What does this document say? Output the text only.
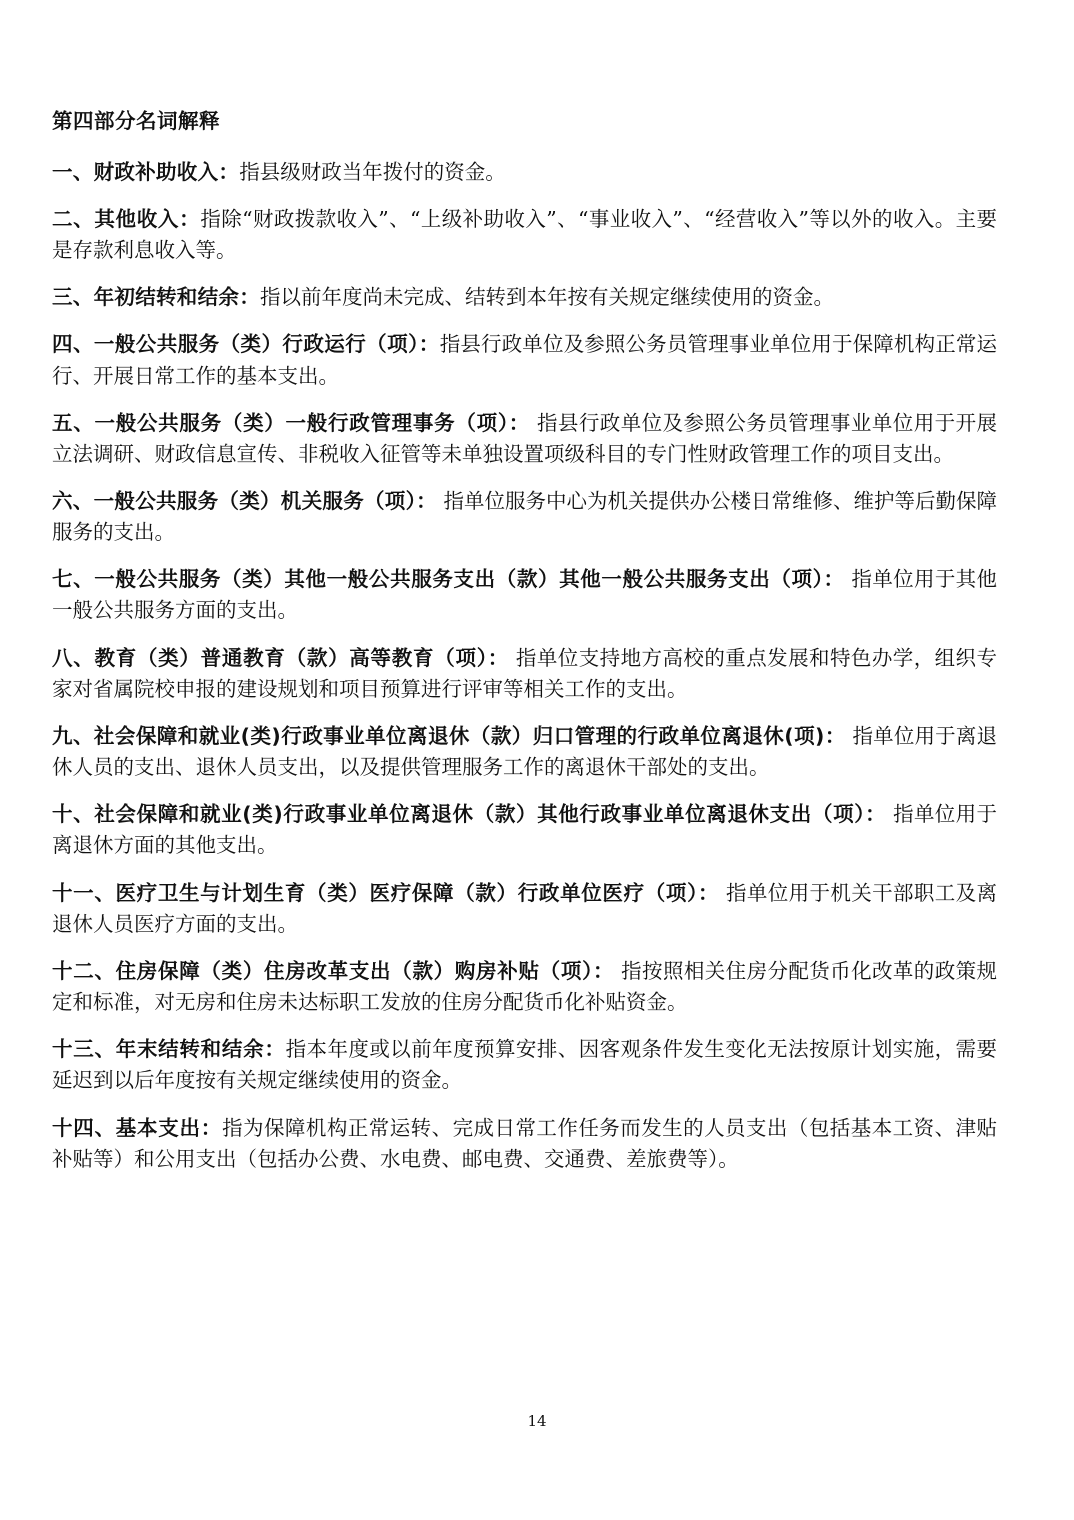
第四部分名词解释

一、财政补助收入：指县级财政当年拨付的资金。

二、其他收入：指除“财政拨款收入”、“上级补助收入”、“事业收入”、“经营收入”等以外的收入。主要是存款利息收入等。

三、年初结转和结余：指以前年度尚未完成、结转到本年按有关规定继续使用的资金。

四、一般公共服务（类）行政运行（项）：指县行政单位及参照公务员管理事业单位用于保障机构正常运行、开展日常工作的基本支出。

五、一般公共服务（类）一般行政管理事务（项）： 指县行政单位及参照公务员管理事业单位用于开展立法调研、财政信息宣传、非税收入征管等未单独设置项级科目的专门性财政管理工作的项目支出。

六、一般公共服务（类）机关服务（项）： 指单位服务中心为机关提供办公楼日常维修、维护等后勤保障服务的支出。

七、一般公共服务（类）其他一般公共服务支出（款）其他一般公共服务支出（项）： 指单位用于其他一般公共服务方面的支出。

八、教育（类）普通教育（款）高等教育（项）： 指单位支持地方高校的重点发展和特色办学，组织专家对省属院校申报的建设规划和项目预算进行评审等相关工作的支出。

九、社会保障和就业(类)行政事业单位离退休（款）归口管理的行政单位离退休(项)： 指单位用于离退休人员的支出、退休人员支出，以及提供管理服务工作的离退休干部处的支出。

十、社会保障和就业(类)行政事业单位离退休（款）其他行政事业单位离退休支出（项）： 指单位用于离退休方面的其他支出。

十一、医疗卫生与计划生育（类）医疗保障（款）行政单位医疗（项）： 指单位用于机关干部职工及离退休人员医疗方面的支出。

十二、住房保障（类）住房改革支出（款）购房补贴（项）： 指按照相关住房分配货币化改革的政策规定和标准，对无房和住房未达标职工发放的住房分配货币化补贴资金。

十三、年末结转和结余：指本年度或以前年度预算安排、因客观条件发生变化无法按原计划实施，需要延迟到以后年度按有关规定继续使用的资金。

十四、基本支出：指为保障机构正常运转、完成日常工作任务而发生的人员支出（包括基本工资、津贴补贴等）和公用支出（包括办公费、水电费、邮电费、交通费、差旅费等）。

14
